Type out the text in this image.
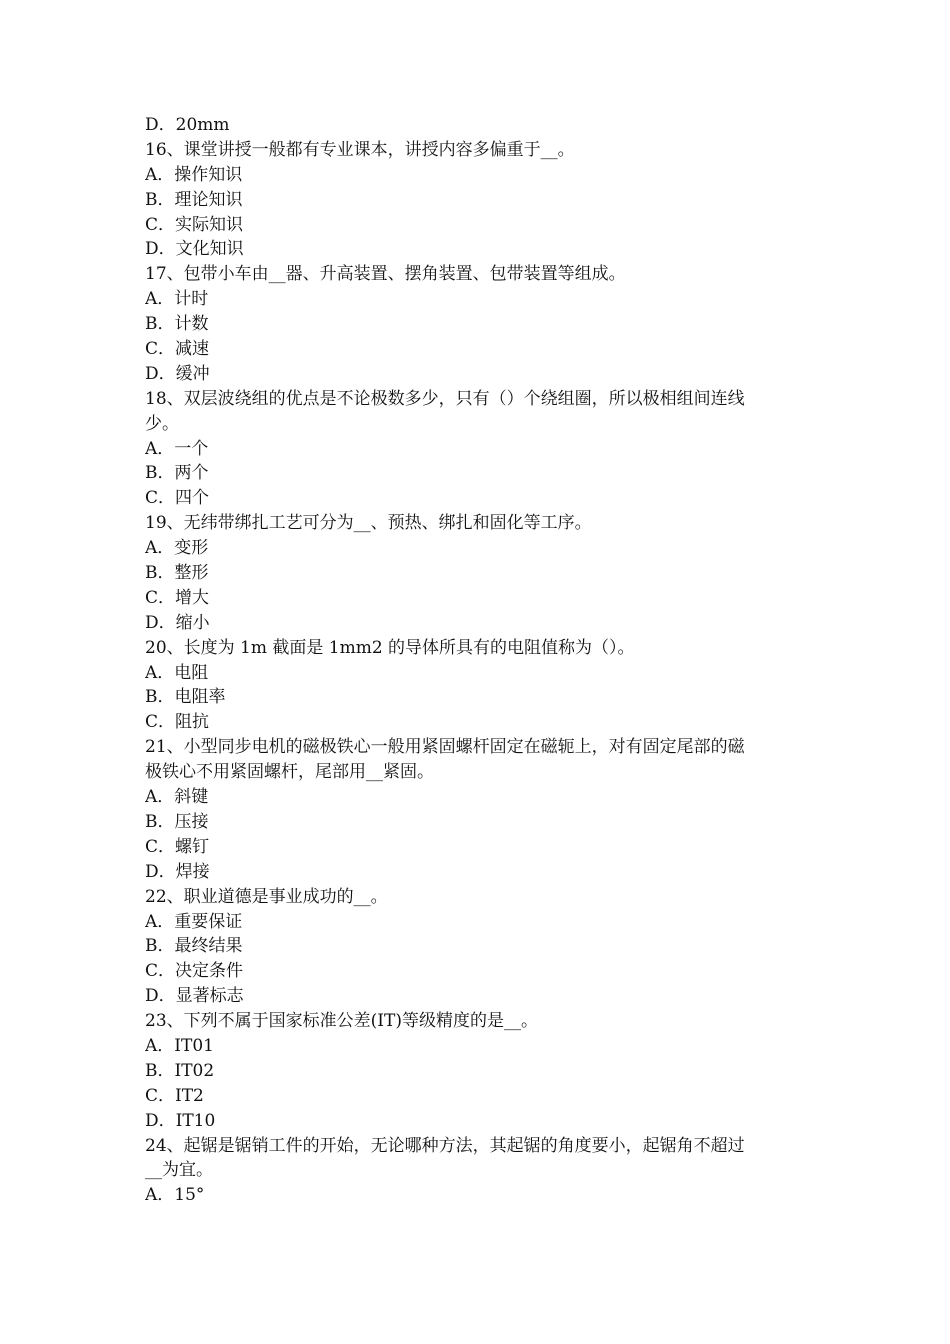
D．20mm
16、课堂讲授一般都有专业课本，讲授内容多偏重于__。
A．操作知识
B．理论知识
C．实际知识
D．文化知识
17、包带小车由__器、升高装置、摆角装置、包带装置等组成。
A．计时
B．计数
C．减速
D．缓冲
18、双层波绕组的优点是不论极数多少，只有（）个绕组圈，所以极相组间连线
少。
A．一个
B．两个
C．四个
19、无纬带绑扎工艺可分为__、预热、绑扎和固化等工序。
A．变形
B．整形
C．增大
D．缩小
20、长度为 1m 截面是 1mm2 的导体所具有的电阻值称为（）。
A．电阻
B．电阻率
C．阻抗
21、小型同步电机的磁极铁心一般用紧固螺杆固定在磁轭上，对有固定尾部的磁
极铁心不用紧固螺杆，尾部用__紧固。
A．斜键
B．压接
C．螺钉
D．焊接
22、职业道德是事业成功的__。
A．重要保证
B．最终结果
C．决定条件
D．显著标志
23、下列不属于国家标准公差(IT)等级精度的是__。
A．IT01
B．IT02
C．IT2
D．IT10
24、起锯是锯销工件的开始，无论哪种方法，其起锯的角度要小，起锯角不超过
__为宜。
A．15°
